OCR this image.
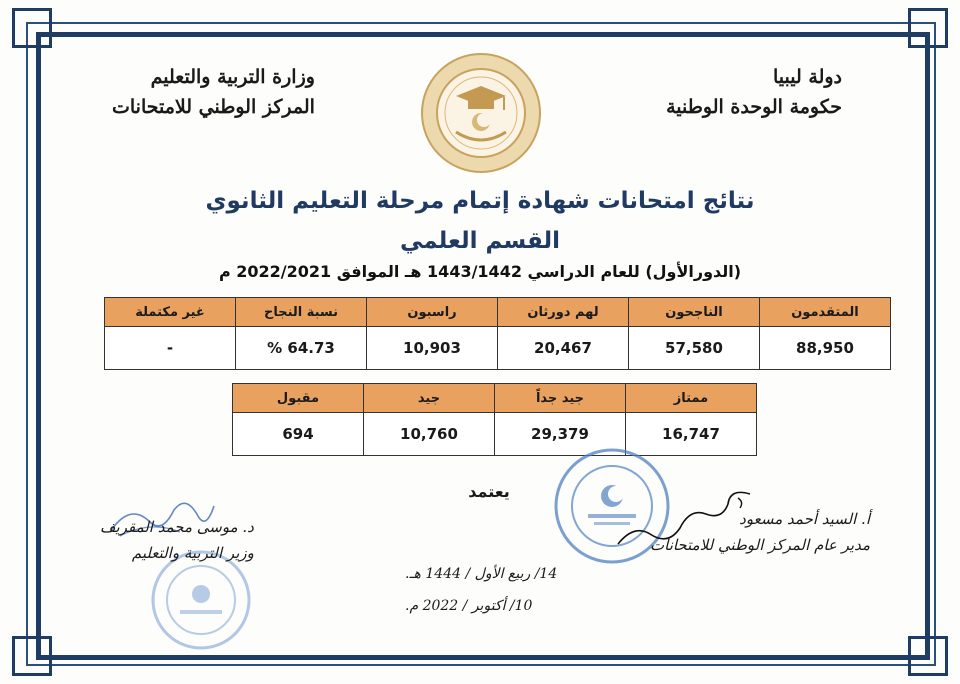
دولة ليبيا
حكومة الوحدة الوطنية
وزارة التربية والتعليم
المركز الوطني للامتحانات
نتائج امتحانات شهادة إتمام مرحلة التعليم الثانوي
القسم العلمي
(الدورالأول) للعام الدراسي 1443/1442 هـ الموافق 2022/2021 م
المتقدمون	الناجحون	لهم دورثان	راسبون	نسبة النجاح	غير مكتملة
88,950	57,580	20,467	10,903	% 64.73	-
ممتاز	جيد جداً	جيد	مقبول
16,747	29,379	10,760	694
يعتمد
أ. السيد أحمد مسعود
مدير عام المركز الوطني للامتحانات
د. موسى محمد المقريف
وزير التربية والتعليم
14/ ربيع الأول / 1444 هـ.
10/ أكتوبر / 2022 م.
